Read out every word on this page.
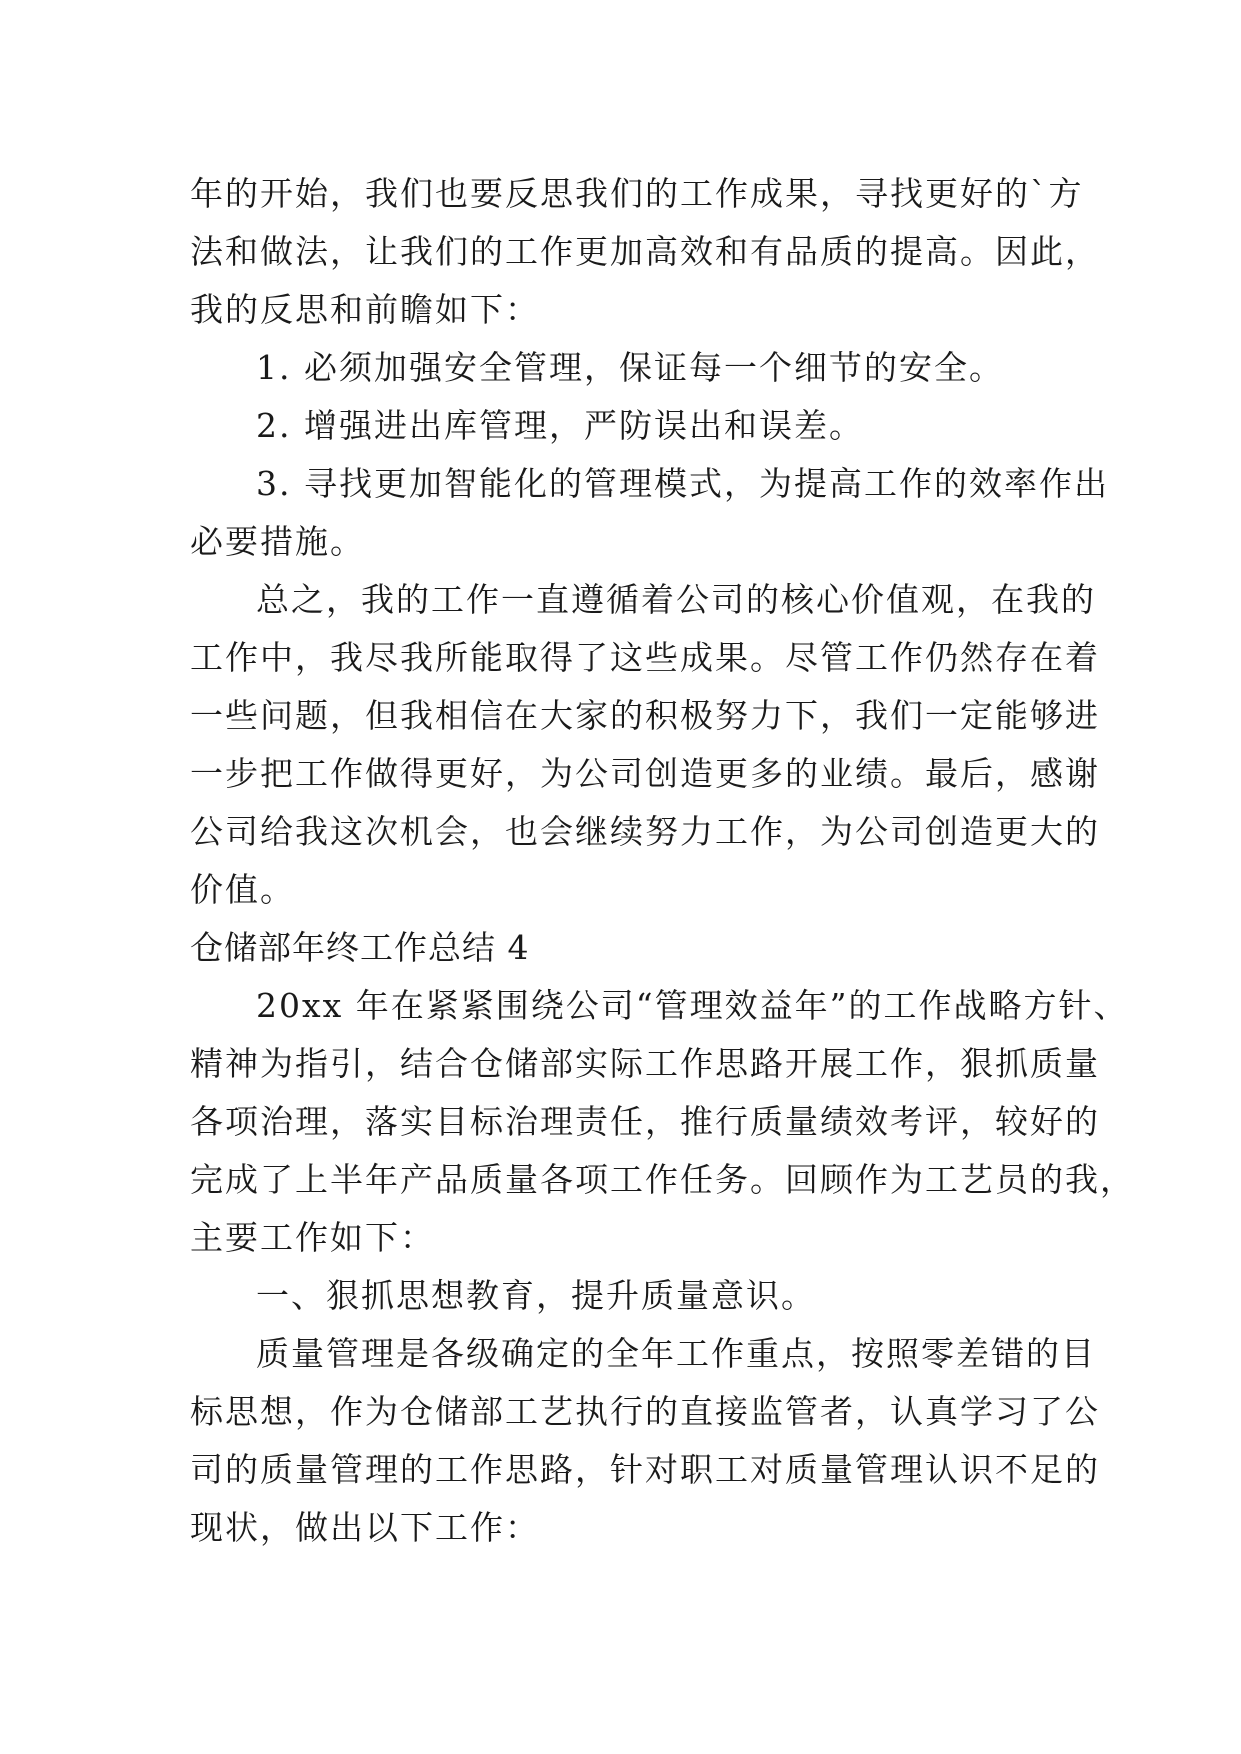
年的开始，我们也要反思我们的工作成果，寻找更好的`方
法和做法，让我们的工作更加高效和有品质的提高。因此，
我的反思和前瞻如下：
1. 必须加强安全管理，保证每一个细节的安全。
2. 增强进出库管理，严防误出和误差。
3. 寻找更加智能化的管理模式，为提高工作的效率作出
必要措施。
总之，我的工作一直遵循着公司的核心价值观，在我的
工作中，我尽我所能取得了这些成果。尽管工作仍然存在着
一些问题，但我相信在大家的积极努力下，我们一定能够进
一步把工作做得更好，为公司创造更多的业绩。最后，感谢
公司给我这次机会，也会继续努力工作，为公司创造更大的
价值。
仓储部年终工作总结 4
20xx 年在紧紧围绕公司“管理效益年”的工作战略方针、
精神为指引，结合仓储部实际工作思路开展工作，狠抓质量
各项治理，落实目标治理责任，推行质量绩效考评，较好的
完成了上半年产品质量各项工作任务。回顾作为工艺员的我，
主要工作如下：
一、狠抓思想教育，提升质量意识。
质量管理是各级确定的全年工作重点，按照零差错的目
标思想，作为仓储部工艺执行的直接监管者，认真学习了公
司的质量管理的工作思路，针对职工对质量管理认识不足的
现状，做出以下工作：
